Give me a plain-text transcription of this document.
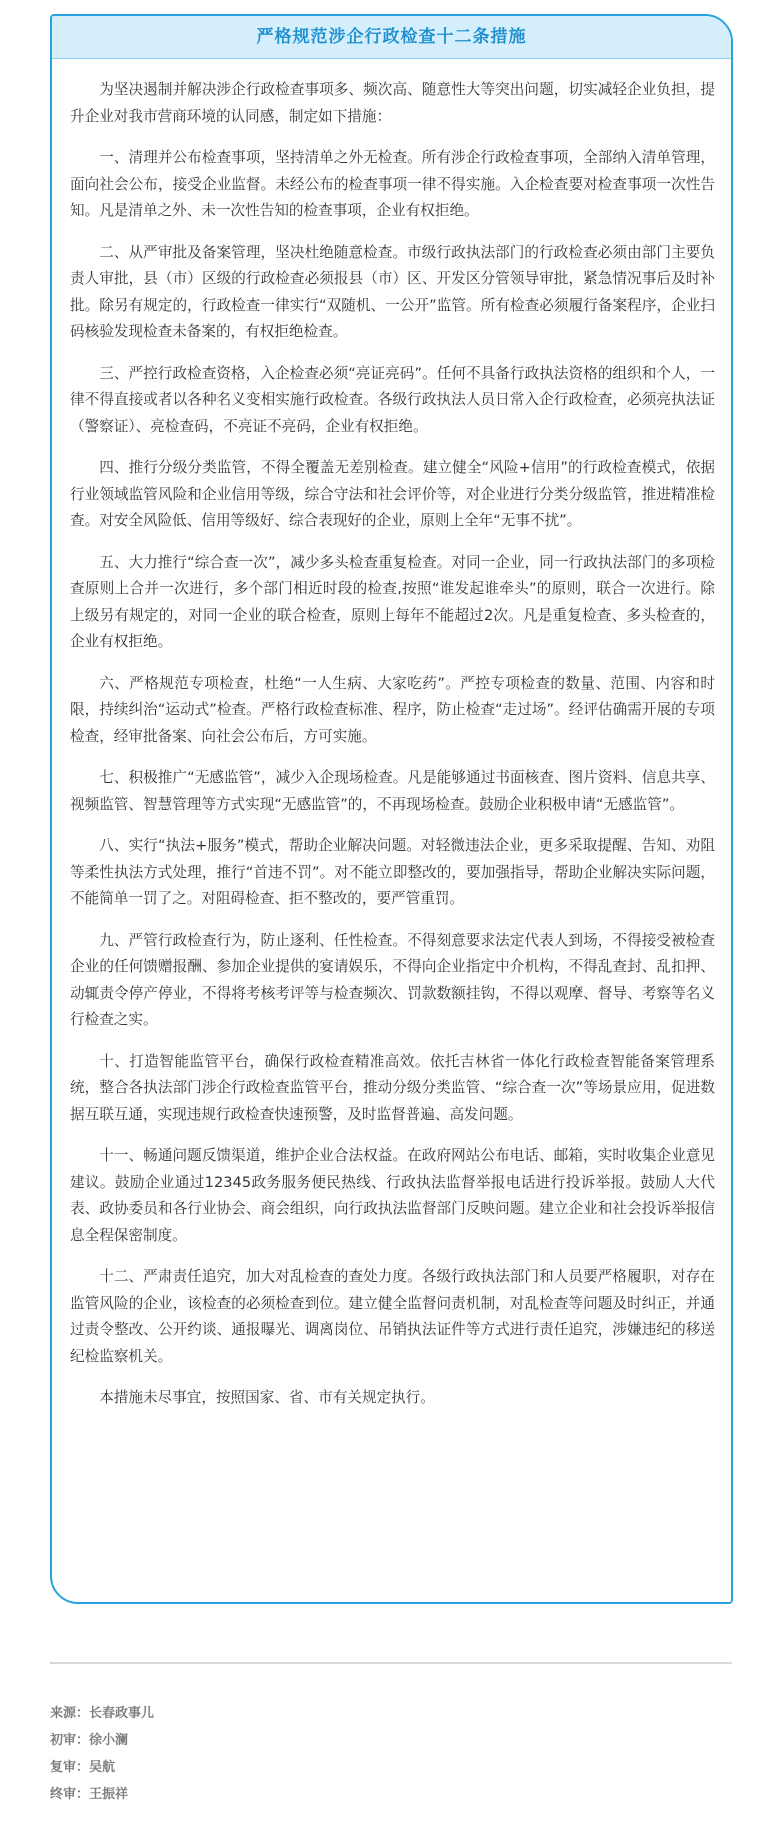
严格规范涉企行政检查十二条措施

为坚决遏制并解决涉企行政检查事项多、频次高、随意性大等突出问题，切实减轻企业负担，提升企业对我市营商环境的认同感，制定如下措施：

一、清理并公布检查事项，坚持清单之外无检查。所有涉企行政检查事项，全部纳入清单管理，面向社会公布，接受企业监督。未经公布的检查事项一律不得实施。入企检查要对检查事项一次性告知。凡是清单之外、未一次性告知的检查事项，企业有权拒绝。

二、从严审批及备案管理，坚决杜绝随意检查。市级行政执法部门的行政检查必须由部门主要负责人审批，县（市）区级的行政检查必须报县（市）区、开发区分管领导审批，紧急情况事后及时补批。除另有规定的，行政检查一律实行“双随机、一公开”监管。所有检查必须履行备案程序，企业扫码核验发现检查未备案的，有权拒绝检查。

三、严控行政检查资格，入企检查必须“亮证亮码”。任何不具备行政执法资格的组织和个人，一律不得直接或者以各种名义变相实施行政检查。各级行政执法人员日常入企行政检查，必须亮执法证（警察证）、亮检查码，不亮证不亮码，企业有权拒绝。

四、推行分级分类监管，不得全覆盖无差别检查。建立健全“风险+信用”的行政检查模式，依据行业领域监管风险和企业信用等级，综合守法和社会评价等，对企业进行分类分级监管，推进精准检查。对安全风险低、信用等级好、综合表现好的企业，原则上全年“无事不扰”。

五、大力推行“综合查一次”，减少多头检查重复检查。对同一企业，同一行政执法部门的多项检查原则上合并一次进行，多个部门相近时段的检查,按照“谁发起谁牵头”的原则，联合一次进行。除上级另有规定的，对同一企业的联合检查，原则上每年不能超过2次。凡是重复检查、多头检查的，企业有权拒绝。

六、严格规范专项检查，杜绝“一人生病、大家吃药”。严控专项检查的数量、范围、内容和时限，持续纠治“运动式”检查。严格行政检查标准、程序，防止检查“走过场”。经评估确需开展的专项检查，经审批备案、向社会公布后，方可实施。

七、积极推广“无感监管”，减少入企现场检查。凡是能够通过书面核查、图片资料、信息共享、视频监管、智慧管理等方式实现“无感监管”的，不再现场检查。鼓励企业积极申请“无感监管”。

八、实行“执法+服务”模式，帮助企业解决问题。对轻微违法企业，更多采取提醒、告知、劝阻等柔性执法方式处理，推行“首违不罚”。对不能立即整改的，要加强指导，帮助企业解决实际问题，不能简单一罚了之。对阻碍检查、拒不整改的，要严管重罚。

九、严管行政检查行为，防止逐利、任性检查。不得刻意要求法定代表人到场，不得接受被检查企业的任何馈赠报酬、参加企业提供的宴请娱乐，不得向企业指定中介机构，不得乱查封、乱扣押、动辄责令停产停业，不得将考核考评等与检查频次、罚款数额挂钩，不得以观摩、督导、考察等名义行检查之实。

十、打造智能监管平台，确保行政检查精准高效。依托吉林省一体化行政检查智能备案管理系统，整合各执法部门涉企行政检查监管平台，推动分级分类监管、“综合查一次”等场景应用，促进数据互联互通，实现违规行政检查快速预警，及时监督普遍、高发问题。

十一、畅通问题反馈渠道，维护企业合法权益。在政府网站公布电话、邮箱，实时收集企业意见建议。鼓励企业通过12345政务服务便民热线、行政执法监督举报电话进行投诉举报。鼓励人大代表、政协委员和各行业协会、商会组织，向行政执法监督部门反映问题。建立企业和社会投诉举报信息全程保密制度。

十二、严肃责任追究，加大对乱检查的查处力度。各级行政执法部门和人员要严格履职，对存在监管风险的企业，该检查的必须检查到位。建立健全监督问责机制，对乱检查等问题及时纠正，并通过责令整改、公开约谈、通报曝光、调离岗位、吊销执法证件等方式进行责任追究，涉嫌违纪的移送纪检监察机关。

本措施未尽事宜，按照国家、省、市有关规定执行。

来源：长春政事儿
初审：徐小澜
复审：吴航
终审：王振祥
